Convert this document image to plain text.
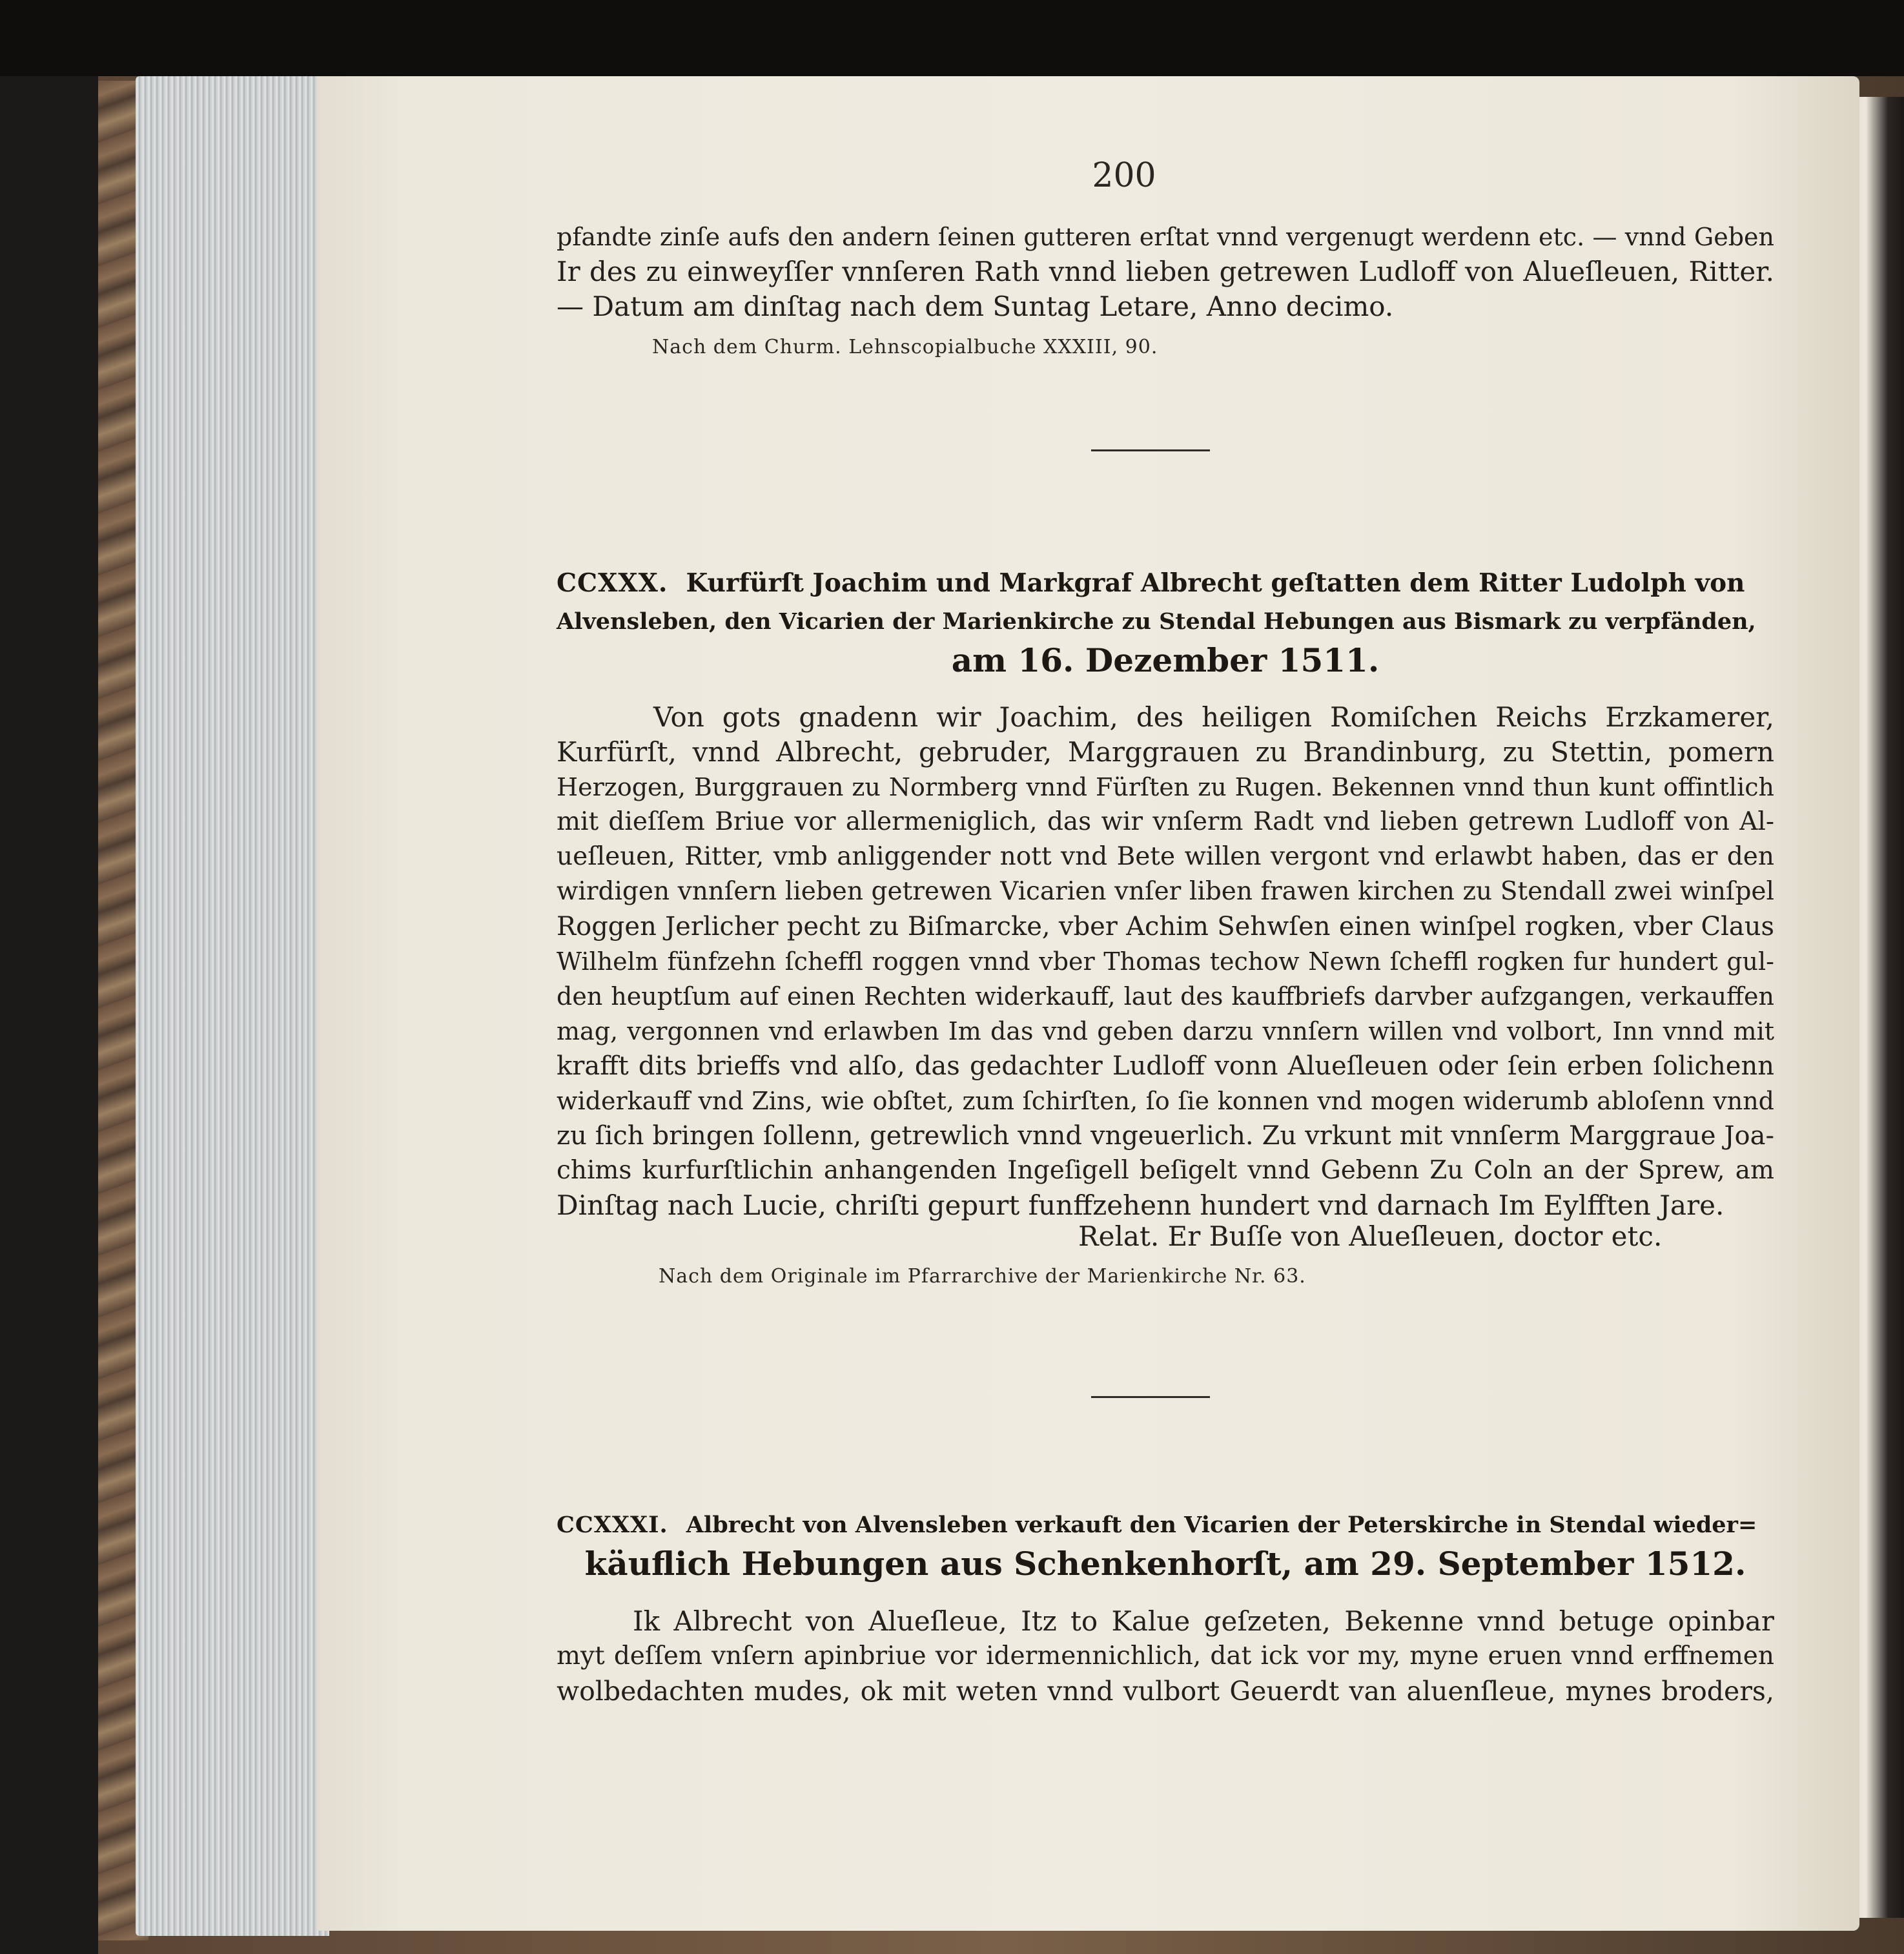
200
pfandte zinſe aufs den andern ſeinen gutteren erſtat vnnd vergenugt werdenn etc. — vnnd Geben
Ir des zu einweyſſer vnnſeren Rath vnnd lieben getrewen Ludloff von Alueſleuen, Ritter.
— Datum am dinſtag nach dem Suntag Letare, Anno decimo.
Nach dem Churm. Lehnscopialbuche XXXIII, 90.
CCXXX. Kurfürſt Joachim und Markgraf Albrecht geſtatten dem Ritter Ludolph von
Alvensleben, den Vicarien der Marienkirche zu Stendal Hebungen aus Bismark zu verpfänden,
am 16. Dezember 1511.
Von gots gnadenn wir Joachim, des heiligen Romiſchen Reichs Erzkamerer,
Kurfürſt, vnnd Albrecht, gebruder, Marggrauen zu Brandinburg, zu Stettin, pomern
Herzogen, Burggrauen zu Normberg vnnd Fürſten zu Rugen. Bekennen vnnd thun kunt offintlich
mit dieſſem Briue vor allermeniglich, das wir vnſerm Radt vnd lieben getrewn Ludloff von Al-
ueſleuen, Ritter, vmb anliggender nott vnd Bete willen vergont vnd erlawbt haben, das er den
wirdigen vnnſern lieben getrewen Vicarien vnſer liben frawen kirchen zu Stendall zwei winſpel
Roggen Jerlicher pecht zu Biſmarcke, vber Achim Sehwſen einen winſpel rogken, vber Claus
Wilhelm fünfzehn ſcheffl roggen vnnd vber Thomas techow Newn ſcheffl rogken fur hundert gul-
den heuptſum auf einen Rechten widerkauff, laut des kauffbriefs darvber aufzgangen, verkauffen
mag, vergonnen vnd erlawben Im das vnd geben darzu vnnſern willen vnd volbort, Inn vnnd mit
krafft dits brieffs vnd alſo, das gedachter Ludloff vonn Alueſleuen oder ſein erben ſolichenn
widerkauff vnd Zins, wie obſtet, zum ſchirſten, ſo ſie konnen vnd mogen widerumb abloſenn vnnd
zu ſich bringen ſollenn, getrewlich vnnd vngeuerlich. Zu vrkunt mit vnnſerm Marggraue Joa-
chims kurfurſtlichin anhangenden Ingeſigell beſigelt vnnd Gebenn Zu Coln an der Sprew, am
Dinſtag nach Lucie, chriſti gepurt funffzehenn hundert vnd darnach Im Eylfften Jare.
Relat. Er Buſſe von Alueſleuen, doctor etc.
Nach dem Originale im Pfarrarchive der Marienkirche Nr. 63.
CCXXXI. Albrecht von Alvensleben verkauft den Vicarien der Peterskirche in Stendal wieder=
käuflich Hebungen aus Schenkenhorſt, am 29. September 1512.
Ik Albrecht von Alueſleue, Itz to Kalue geſzeten, Bekenne vnnd betuge opinbar
myt deſſem vnſern apinbriue vor idermennichlich, dat ick vor my, myne eruen vnnd erffnemen
wolbedachten mudes, ok mit weten vnnd vulbort Geuerdt van aluenſleue, mynes broders,
